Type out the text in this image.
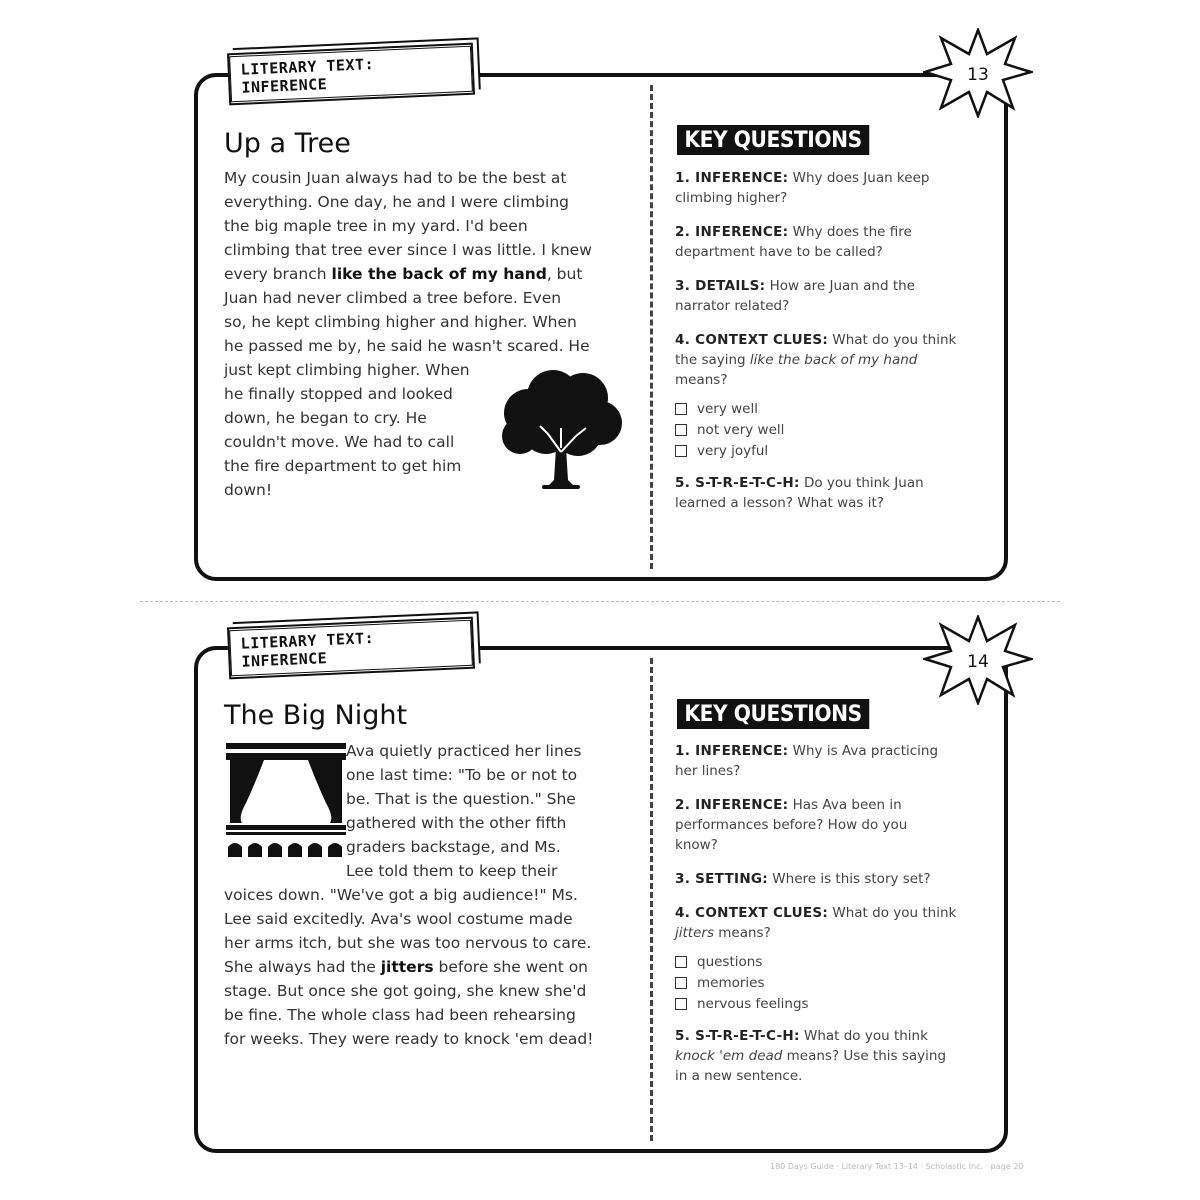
LITERARY TEXT: INFERENCE
13
Up a Tree
My cousin Juan always had to be the best at
everything. One day, he and I were climbing
the big maple tree in my yard. I'd been
climbing that tree ever since I was little. I knew
every branch like the back of my hand, but
Juan had never climbed a tree before. Even
so, he kept climbing higher and higher. When
he passed me by, he said he wasn't scared. He
just kept climbing higher. When
he finally stopped and looked
down, he began to cry. He
couldn't move. We had to call
the fire department to get him
down!
KEY QUESTIONS
1. INFERENCE: Why does Juan keep
climbing higher?
2. INFERENCE: Why does the fire
department have to be called?
3. DETAILS: How are Juan and the
narrator related?
4. CONTEXT CLUES: What do you think
the saying like the back of my hand
means?
very well
not very well
very joyful
5. S-T-R-E-T-C-H: Do you think Juan
learned a lesson? What was it?
LITERARY TEXT: INFERENCE	14
The Big Night
Ava quietly practiced her lines
one last time: "To be or not to
be. That is the question." She
gathered with the other fifth
graders backstage, and Ms.
Lee told them to keep their
voices down. "We've got a big audience!" Ms.
Lee said excitedly. Ava's wool costume made
her arms itch, but she was too nervous to care.
She always had the jitters before she went on
stage. But once she got going, she knew she'd
be fine. The whole class had been rehearsing
for weeks. They were ready to knock 'em dead!
KEY QUESTIONS
1. INFERENCE: Why is Ava practicing
her lines?
2. INFERENCE: Has Ava been in
performances before? How do you
know?
3. SETTING: Where is this story set?
4. CONTEXT CLUES: What do you think
jitters means?
questions
memories
nervous feelings
5. S-T-R-E-T-C-H: What do you think
knock 'em dead means? Use this saying
in a new sentence.
180 Days Guide · Literary Text 13–14 · Scholastic Inc. · page 20
